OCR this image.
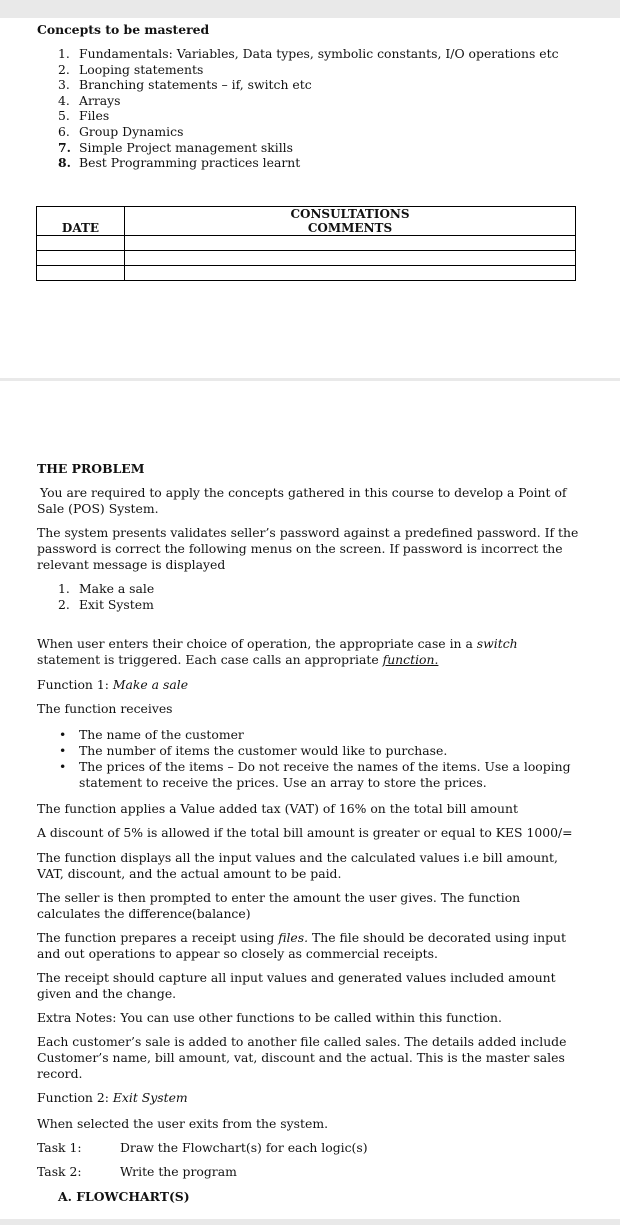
Concepts to be mastered

1. Fundamentals: Variables, Data types, symbolic constants, I/O operations etc
2. Looping statements
3. Branching statements – if, switch etc
4. Arrays
5. Files
6. Group Dynamics
7. Simple Project management skills
8. Best Programming practices learnt
DATE	CONSULTATIONS
	COMMENTS

THE PROBLEM

You are required to apply the concepts gathered in this course to develop a Point of Sale (POS) System.

The system presents validates seller’s password against a predefined password. If the password is correct the following menus on the screen. If password is incorrect the relevant message is displayed

1. Make a sale
2. Exit System

When user enters their choice of operation, the appropriate case in a switch statement is triggered. Each case calls an appropriate function.

Function 1: Make a sale

The function receives

• The name of the customer
• The number of items the customer would like to purchase.
• The prices of the items – Do not receive the names of the items. Use a looping statement to receive the prices. Use an array to store the prices.

The function applies a Value added tax (VAT) of 16% on the total bill amount

A discount of 5% is allowed if the total bill amount is greater or equal to KES 1000/=

The function displays all the input values and the calculated values i.e bill amount, VAT, discount, and the actual amount to be paid.

The seller is then prompted to enter the amount the user gives. The function calculates the difference(balance)

The function prepares a receipt using files. The file should be decorated using input and out operations to appear so closely as commercial receipts.

The receipt should capture all input values and generated values included amount given and the change.

Extra Notes: You can use other functions to be called within this function.

Each customer’s sale is added to another file called sales. The details added include Customer’s name, bill amount, vat, discount and the actual. This is the master sales record.

Function 2: Exit System

When selected the user exits from the system.

Task 1:	Draw the Flowchart(s) for each logic(s)

Task 2:	Write the program

A. FLOWCHART(S)
